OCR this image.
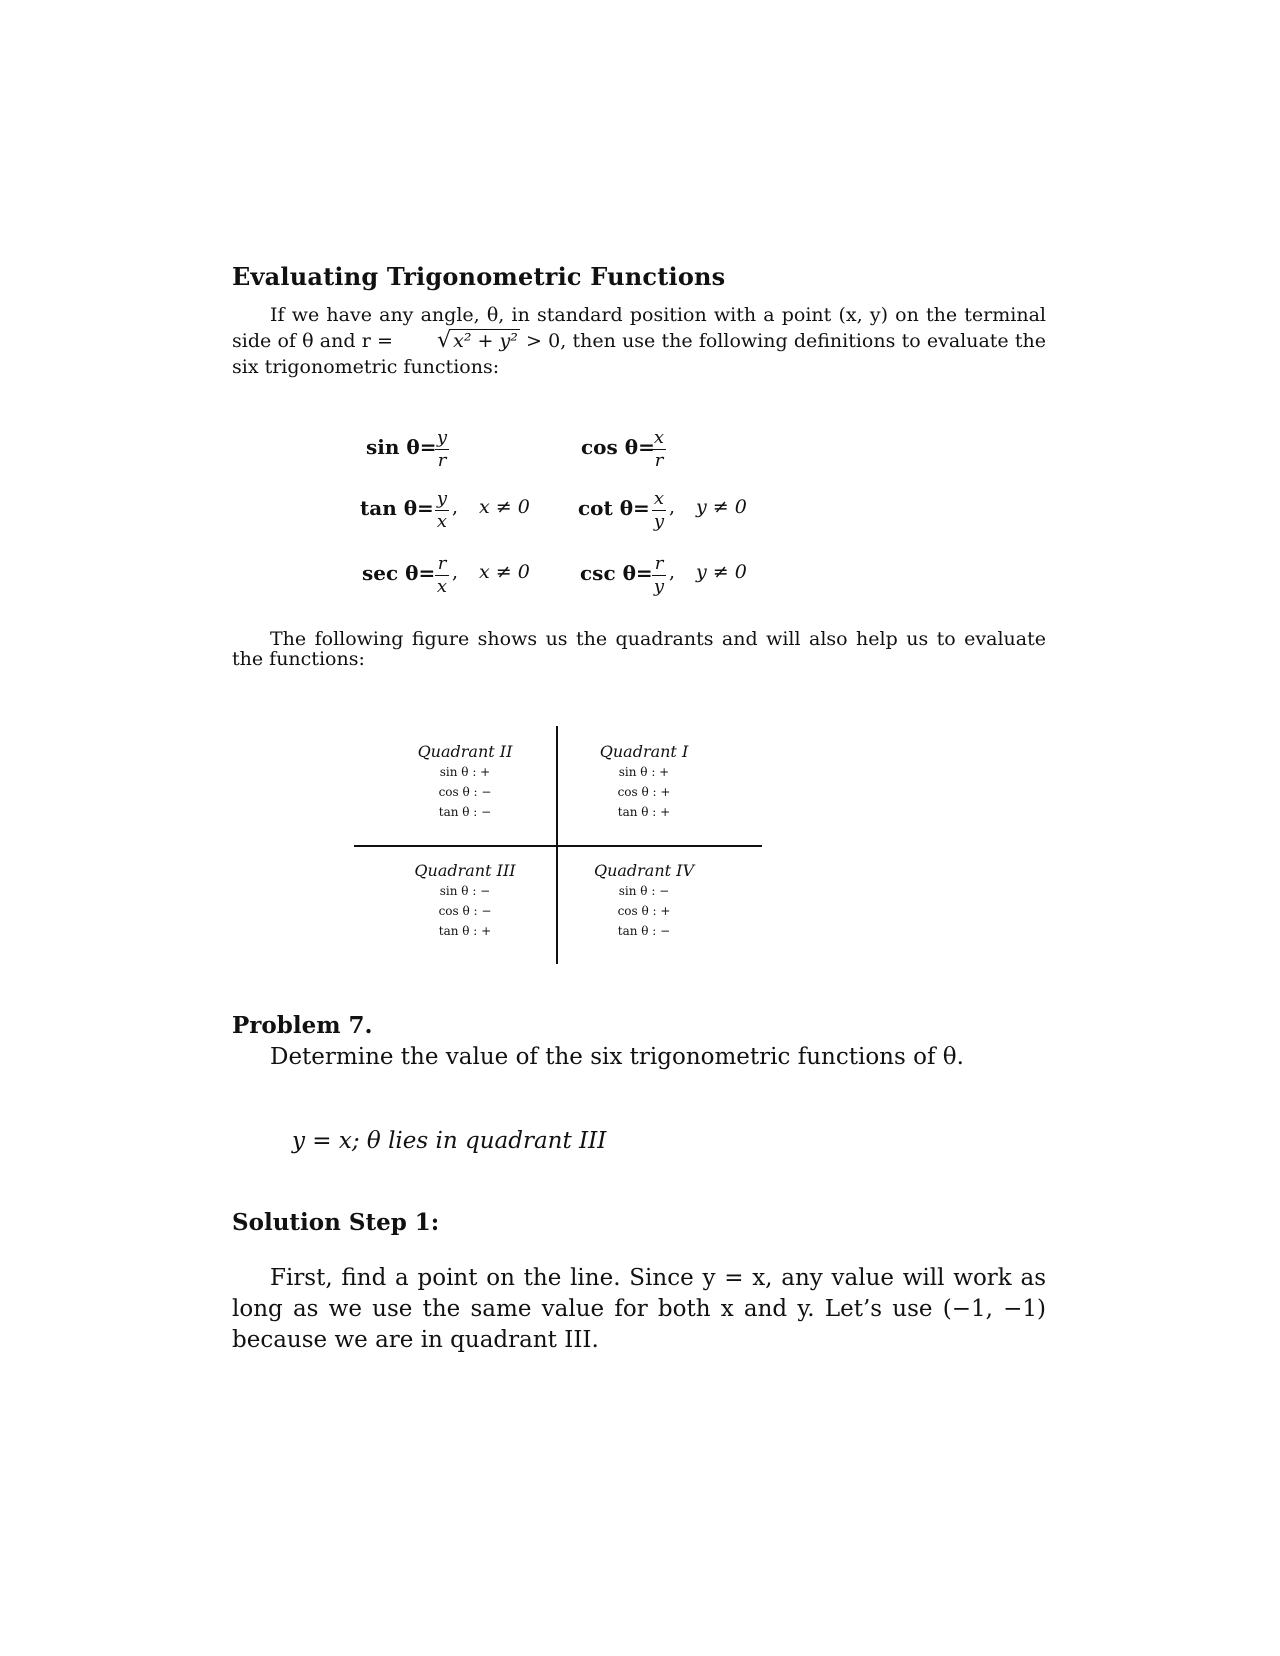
Evaluating Trigonometric Functions
If we have any angle, θ, in standard position with a point (x, y) on the terminal side of θ and r = √ x² + y² > 0, then use the following definitions to evaluate the six trigonometric functions:
sin θ= y
r
cos θ= x
r
tan θ= y
x
, x ≠ 0 cot θ= x
y
, y ≠ 0
sec θ= r
x
, x ≠ 0	csc θ= r
y
, y ≠ 0
The following figure shows us the quadrants and will also help us to evaluate the functions:
Quadrant II
sin θ : +
cos θ : −
tan θ : −
Quadrant I
sin θ : +
cos θ : +
tan θ : +
Quadrant III
sin θ : −
cos θ : −
tan θ : +
Quadrant IV
sin θ : −
cos θ : +
tan θ : −
Problem 7.
Determine the value of the six trigonometric functions of θ.
y = x; θ lies in quadrant III
Solution Step 1:
First, find a point on the line. Since y = x, any value will work as long as we use the same value for both x and y. Let’s use (−1, −1) because we are in quadrant III.
